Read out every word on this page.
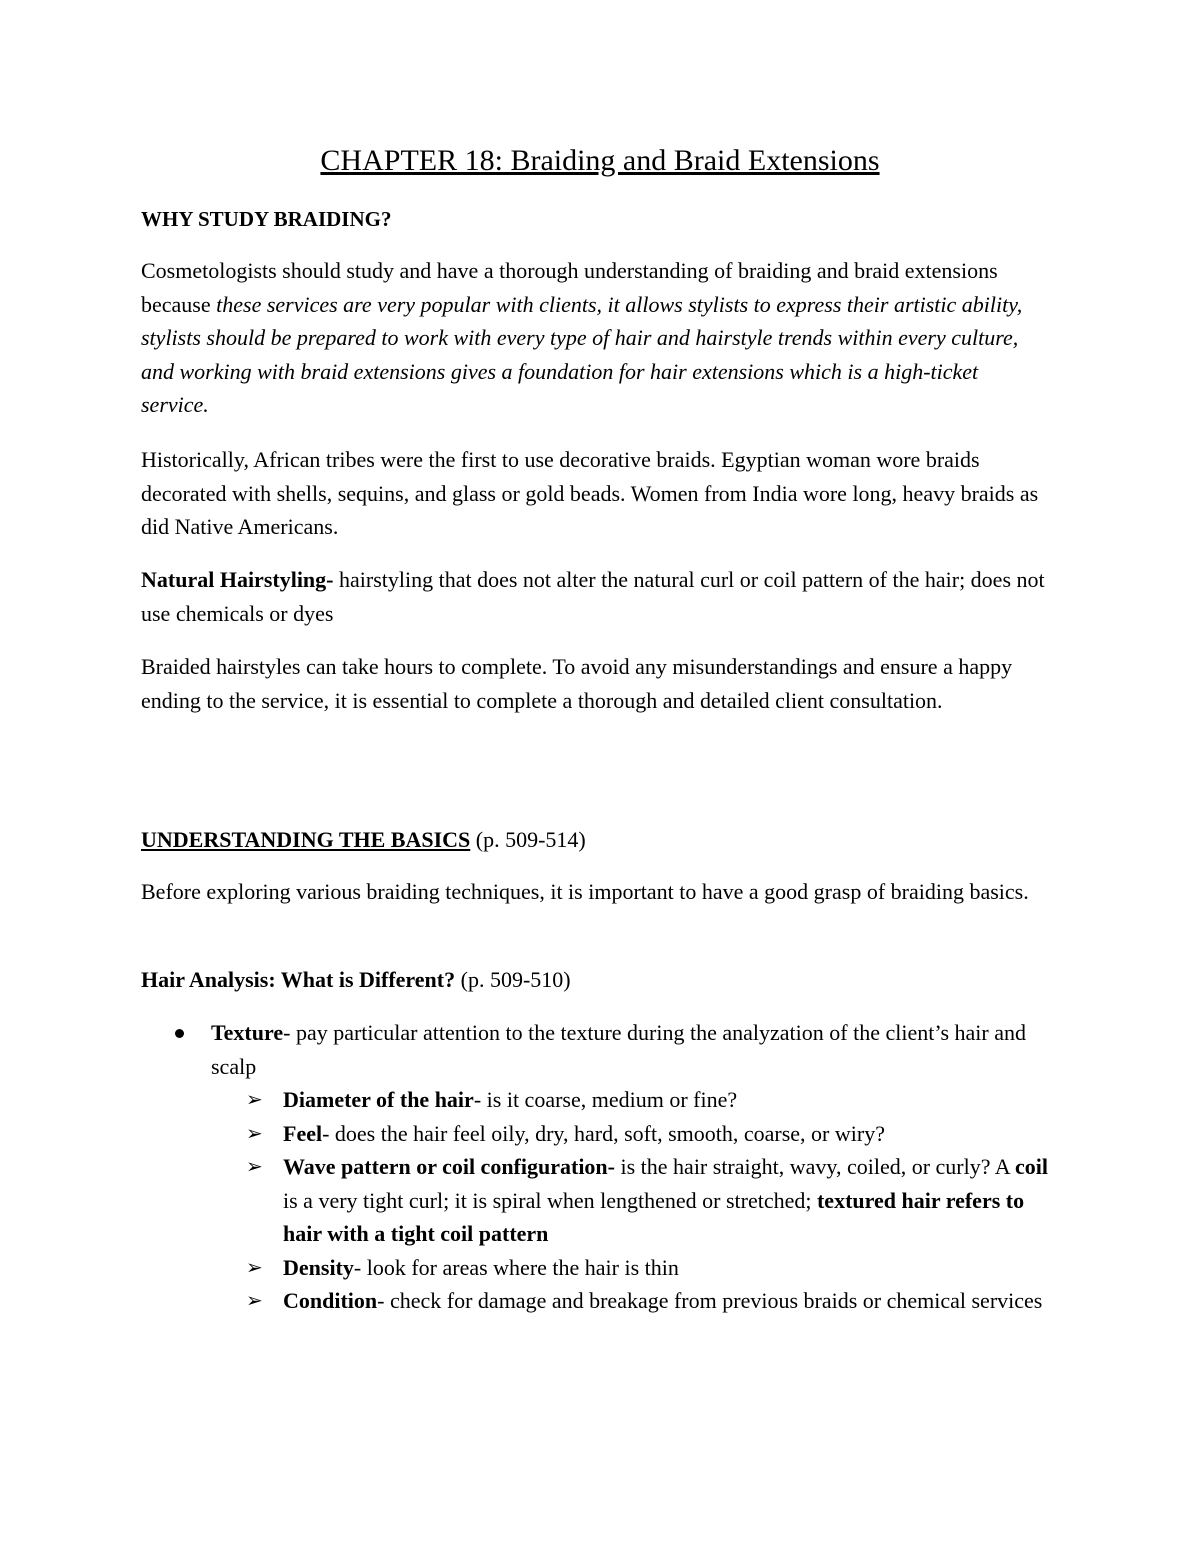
CHAPTER 18: Braiding and Braid Extensions
WHY STUDY BRAIDING?

Cosmetologists should study and have a thorough understanding of braiding and braid extensions because these services are very popular with clients, it allows stylists to express their artistic ability, stylists should be prepared to work with every type of hair and hairstyle trends within every culture, and working with braid extensions gives a foundation for hair extensions which is a high-ticket service.

Historically, African tribes were the first to use decorative braids. Egyptian woman wore braids decorated with shells, sequins, and glass or gold beads. Women from India wore long, heavy braids as did Native Americans.

Natural Hairstyling- hairstyling that does not alter the natural curl or coil pattern of the hair; does not use chemicals or dyes

Braided hairstyles can take hours to complete. To avoid any misunderstandings and ensure a happy ending to the service, it is essential to complete a thorough and detailed client consultation.

UNDERSTANDING THE BASICS (p. 509-514)

Before exploring various braiding techniques, it is important to have a good grasp of braiding basics.

Hair Analysis: What is Different? (p. 509-510)
Texture- pay particular attention to the texture during the analyzation of the client’s hair and scalp
➢ Diameter of the hair- is it coarse, medium or fine?
➢ Feel- does the hair feel oily, dry, hard, soft, smooth, coarse, or wiry?
➢ Wave pattern or coil configuration- is the hair straight, wavy, coiled, or curly? A coil is a very tight curl; it is spiral when lengthened or stretched; textured hair refers to hair with a tight coil pattern
➢ Density- look for areas where the hair is thin
➢ Condition- check for damage and breakage from previous braids or chemical services
